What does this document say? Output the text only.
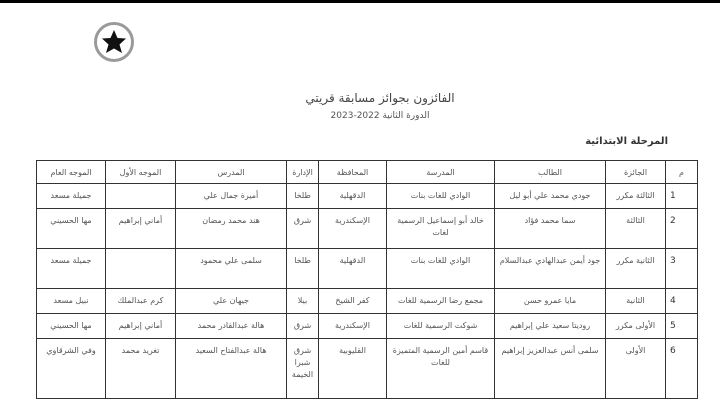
الفائزون بجوائز مسابقة قريتي
الدورة الثانية 2022-2023
المرحلة الابتدائية
م	الجائزة	الطالب	المدرسة	المحافظة	الإدارة	المدرس	الموجه الأول	الموجه العام
1	الثالثة مكرر	جودي محمد علي أبو ليل	الوادي للغات بنات	الدقهلية	طلخا	أميرة جمال علي		جميلة مسعد
2	الثالثة	سما محمد فؤاد	خالد أبو إسماعيل الرسمية لغات	الإسكندرية	شرق	هند محمد رمضان	أماني إبراهيم	مها الحسيني
3	الثانية مكرر	جود أيمن عبدالهادي عبدالسلام	الوادي للغات بنات	الدقهلية	طلخا	سلمى علي محمود		جميلة مسعد
4	الثانية	مايا عمرو حسن	مجمع رضا الرسمية للغات	كفر الشيخ	بيلا	جيهان علي	كرم عبدالملك	نبيل مسعد
5	الأولى مكرر	روديتا سعيد علي إبراهيم	شوكت الرسمية للغات	الإسكندرية	شرق	هالة عبدالقادر محمد	أماني إبراهيم	مها الحسيني
6	الأولى	سلمى أنس عبدالعزيز إبراهيم	قاسم أمين الرسمية المتميزة للغات	القليوبية	شرق شبرا الخيمة	هالة عبدالفتاح السعيد	تغريد محمد	وفي الشرقاوي
